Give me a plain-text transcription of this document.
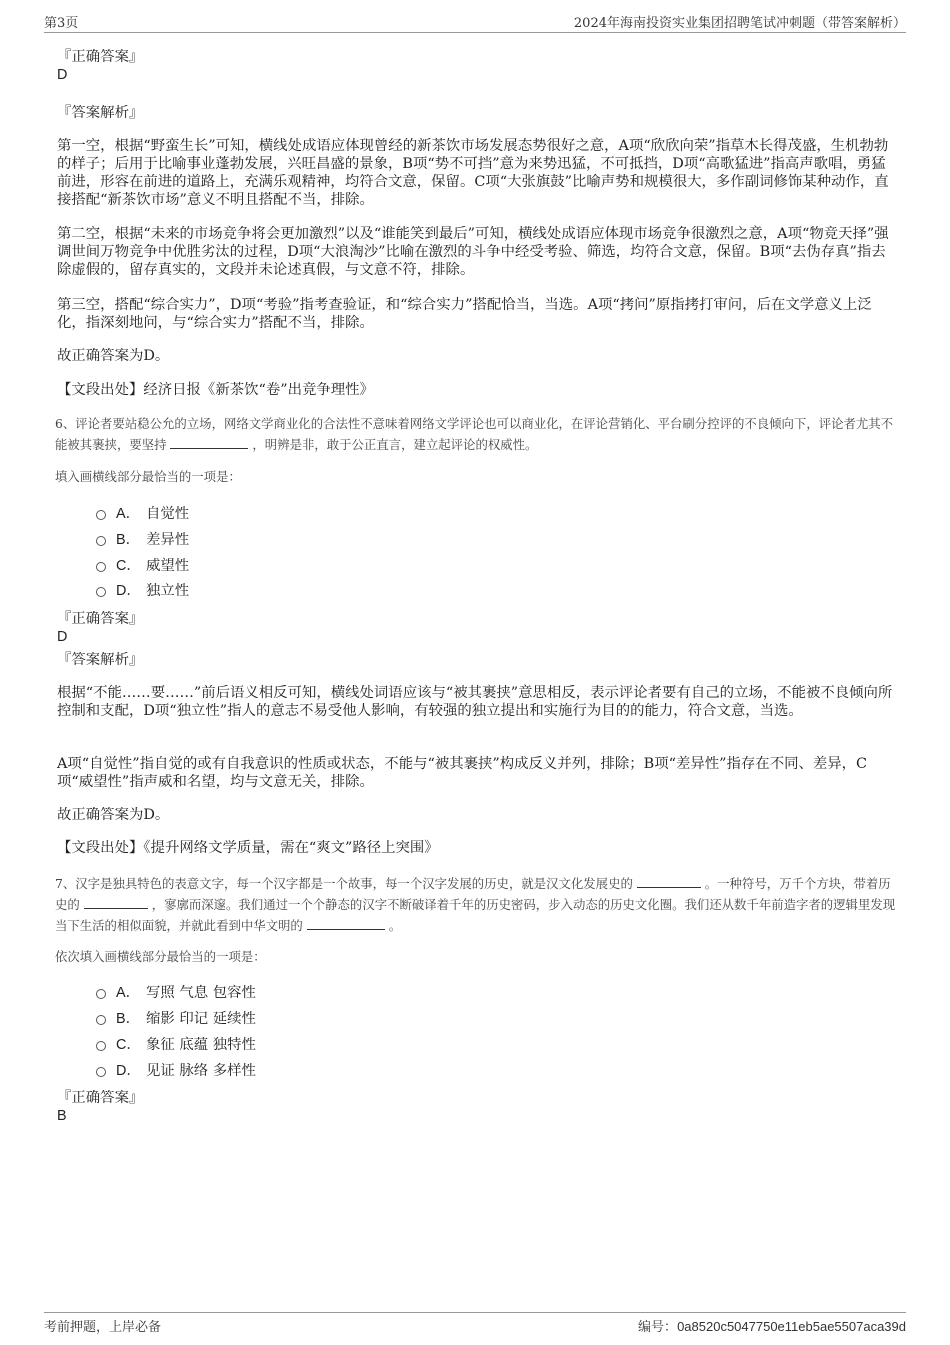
第3页	2024年海南投资实业集团招聘笔试冲刺题（带答案解析）
『正确答案』
D
『答案解析』
第一空，根据“野蛮生长”可知，横线处成语应体现曾经的新茶饮市场发展态势很好之意，A项“欣欣向荣”指草木长得茂盛，生机勃勃的样子；后用于比喻事业蓬勃发展，兴旺昌盛的景象，B项“势不可挡”意为来势迅猛，不可抵挡，D项“高歌猛进”指高声歌唱，勇猛前进，形容在前进的道路上，充满乐观精神，均符合文意，保留。C项“大张旗鼓”比喻声势和规模很大，多作副词修饰某种动作，直接搭配“新茶饮市场”意义不明且搭配不当，排除。
第二空，根据“未来的市场竞争将会更加激烈”以及“谁能笑到最后”可知，横线处成语应体现市场竞争很激烈之意，A项“物竞天择”强调世间万物竞争中优胜劣汰的过程，D项“大浪淘沙”比喻在激烈的斗争中经受考验、筛选，均符合文意，保留。B项“去伪存真”指去除虚假的，留存真实的，文段并未论述真假，与文意不符，排除。
第三空，搭配“综合实力”，D项“考验”指考查验证，和“综合实力”搭配恰当，当选。A项“拷问”原指拷打审问，后在文学意义上泛化，指深刻地问，与“综合实力”搭配不当，排除。
故正确答案为D。
【文段出处】经济日报《新茶饮“卷”出竞争理性》
6、评论者要站稳公允的立场，网络文学商业化的合法性不意味着网络文学评论也可以商业化，在评论营销化、平台刷分控评的不良倾向下，评论者尤其不能被其裹挟，要坚持	，明辨是非，敢于公正直言，建立起评论的权威性。
填入画横线部分最恰当的一项是：
A． 自觉性
B． 差异性
C． 威望性
D． 独立性
『正确答案』
D
『答案解析』
根据“不能……要……”前后语义相反可知，横线处词语应该与“被其裹挟”意思相反，表示评论者要有自己的立场，不能被不良倾向所控制和支配，D项“独立性”指人的意志不易受他人影响，有较强的独立提出和实施行为目的的能力，符合文意，当选。
A项“自觉性”指自觉的或有自我意识的性质或状态，不能与“被其裹挟”构成反义并列，排除；B项“差异性”指存在不同、差异，C项“威望性”指声威和名望，均与文意无关，排除。
故正确答案为D。
【文段出处】《提升网络文学质量，需在“爽文”路径上突围》
7、汉字是独具特色的表意文字，每一个汉字都是一个故事，每一个汉字发展的历史，就是汉文化发展史的	。一种符号，万千个方块，带着历史的	，寥廓而深邃。我们通过一个个静态的汉字不断破译着千年的历史密码，步入动态的历史文化圈。我们还从数千年前造字者的逻辑里发现当下生活的相似面貌，并就此看到中华文明的	。
依次填入画横线部分最恰当的一项是：
A． 写照 气息 包容性
B． 缩影 印记 延续性
C． 象征 底蕴 独特性
D． 见证 脉络 多样性
『正确答案』
B
考前押题，上岸必备	编号：0a8520c5047750e11eb5ae5507aca39d
